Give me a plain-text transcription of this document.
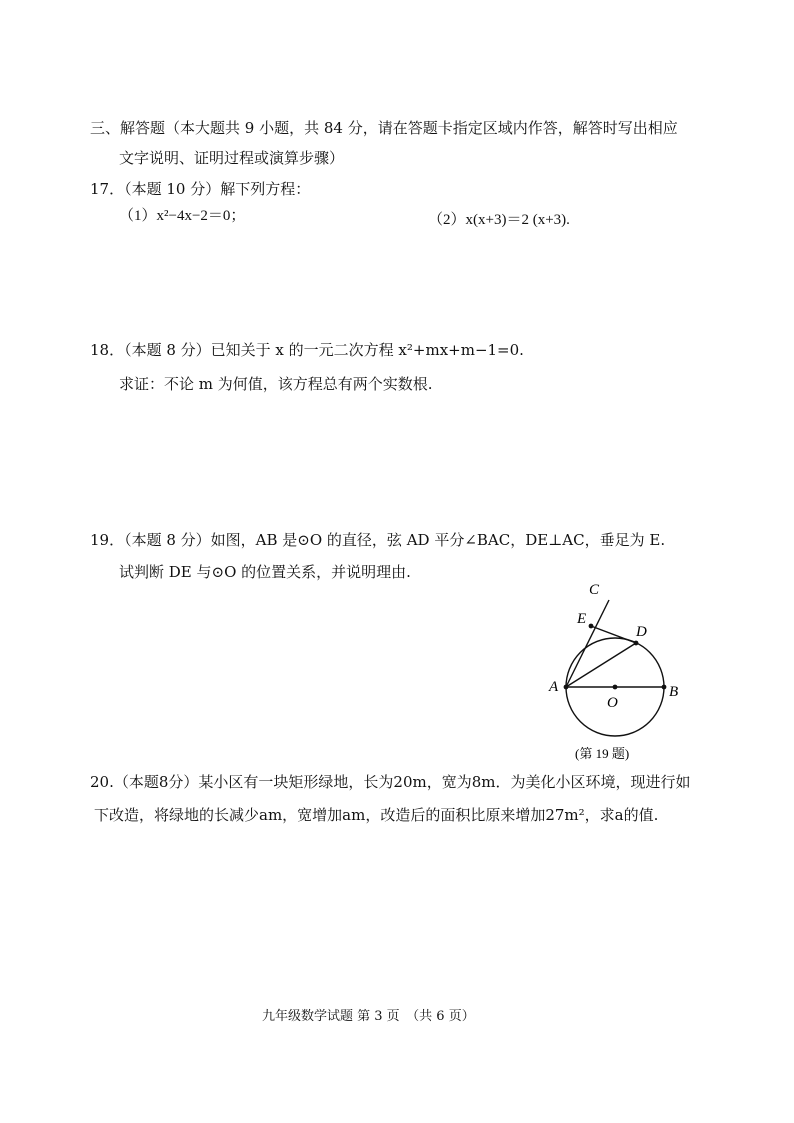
三、解答题（本大题共 9 小题，共 84 分，请在答题卡指定区域内作答，解答时写出相应
文字说明、证明过程或演算步骤）
17．（本题 10 分）解下列方程：
（1）x²−4x−2＝0；	（2）x(x+3)＝2 (x+3).
18．（本题 8 分）已知关于 x 的一元二次方程 x²+mx+m−1=0.
求证：不论 m 为何值，该方程总有两个实数根.
19．（本题 8 分）如图，AB 是⊙O 的直径，弦 AD 平分∠BAC，DE⊥AC，垂足为 E.
试判断 DE 与⊙O 的位置关系，并说明理由.
C
E
D
A	B
O
(第 19 题)
20.（本题8分）某小区有一块矩形绿地，长为20m，宽为8m．为美化小区环境，现进行如
下改造，将绿地的长减少am，宽增加am，改造后的面积比原来增加27m²，求a的值.
九年级数学试题 第 3 页　（共 6 页）
